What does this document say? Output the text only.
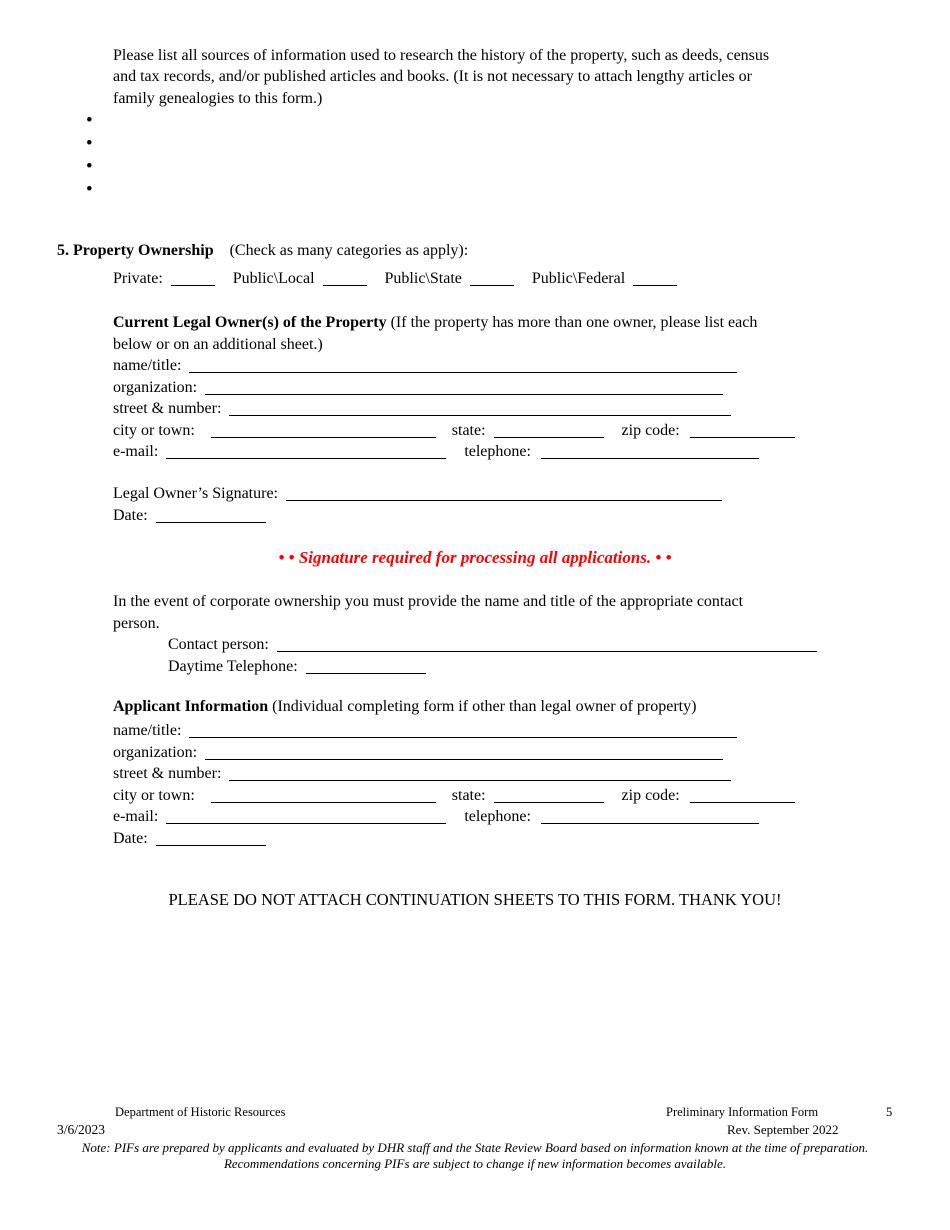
Please list all sources of information used to research the history of the property, such as deeds, census
and tax records, and/or published articles and books. (It is not necessary to attach lengthy articles or
family genealogies to this form.)
•
•
•
•
5. Property Ownership (Check as many categories as apply):
Private:	Public\Local	Public\State	Public\Federal
Current Legal Owner(s) of the Property (If the property has more than one owner, please list each
below or on an additional sheet.)
name/title:
organization:
street & number:
city or town:	state:	zip code:
e-mail:	telephone:
Legal Owner’s Signature:
Date:
• • Signature required for processing all applications. • •
In the event of corporate ownership you must provide the name and title of the appropriate contact
person.
Contact person:
Daytime Telephone:
Applicant Information (Individual completing form if other than legal owner of property)
name/title:
organization:
street & number:
city or town:	state:	zip code:
e-mail:	telephone:
Date:
PLEASE DO NOT ATTACH CONTINUATION SHEETS TO THIS FORM. THANK YOU!
Department of Historic Resources	Preliminary Information Form	5
3/6/2023	Rev. September 2022
Note: PIFs are prepared by applicants and evaluated by DHR staff and the State Review Board based on information known at the time of preparation.
Recommendations concerning PIFs are subject to change if new information becomes available.
